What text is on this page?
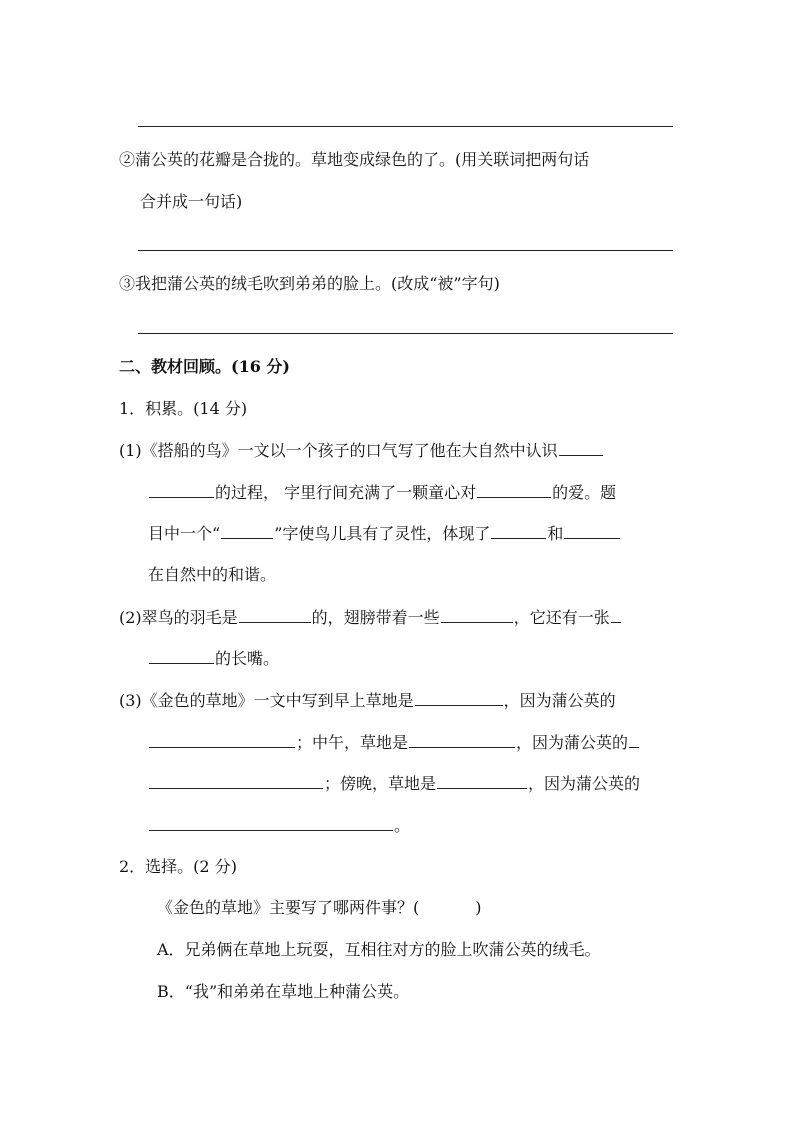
②蒲公英的花瓣是合拢的。草地变成绿色的了。(用关联词把两句话
合并成一句话)
③我把蒲公英的绒毛吹到弟弟的脸上。(改成“被”字句)
二、教材回顾。(16 分)
1．积累。(14 分)
(1)《搭船的鸟》一文以一个孩子的口气写了他在大自然中认识
的过程， 字里行间充满了一颗童心对	的爱。题
目中一个“	”字使鸟儿具有了灵性，体现了	和
在自然中的和谐。
(2)翠鸟的羽毛是	的，翅膀带着一些	，它还有一张
的长嘴。
(3)《金色的草地》一文中写到早上草地是	，因为蒲公英的
；中午，草地是	，因为蒲公英的
；傍晚，草地是	，因为蒲公英的
。
2．选择。(2 分)
《金色的草地》主要写了哪两件事？(	)
A．兄弟俩在草地上玩耍，互相往对方的脸上吹蒲公英的绒毛。
B．“我”和弟弟在草地上种蒲公英。
